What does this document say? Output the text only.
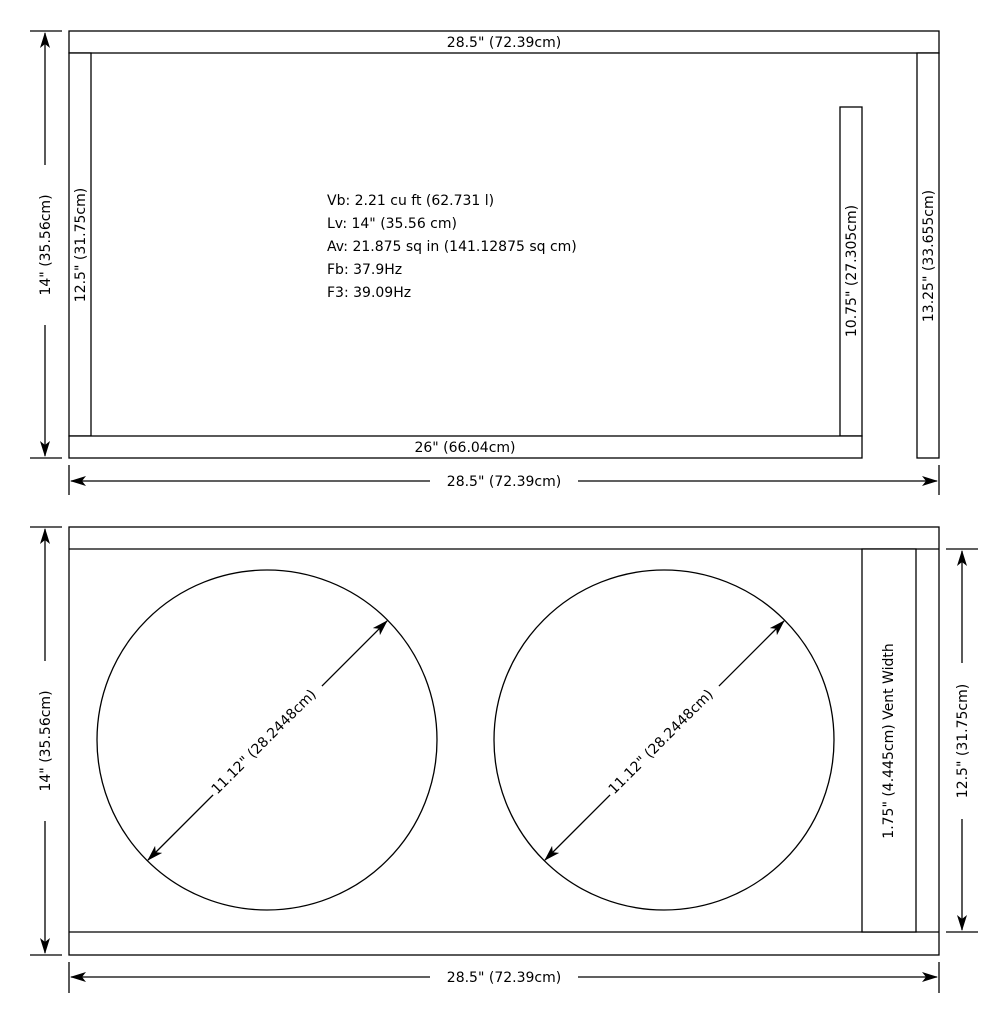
28.5" (72.39cm)
12.5" (31.75cm)	10.75" (27.305cm)
26" (66.04cm)
13.25" (33.655cm)
Vb: 2.21 cu ft (62.731 l)
Lv: 14" (35.56 cm)
Av: 21.875 sq in (141.12875 sq cm)
Fb: 37.9Hz
F3: 39.09Hz
14" (35.56cm)
28.5" (72.39cm)
1.75" (4.445cm) Vent Width
11.12" (28.2448cm)	11.12" (28.2448cm)
14" (35.56cm)	12.5" (31.75cm)
28.5" (72.39cm)
